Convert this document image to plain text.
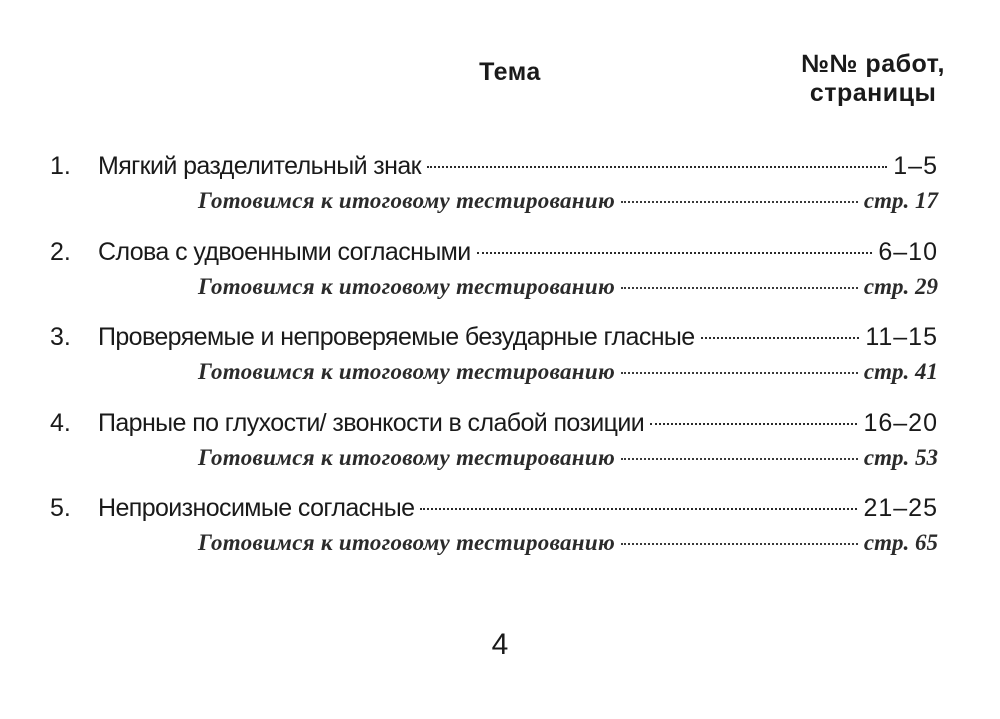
Тема	№№ работ,
страницы
1.	Мягкий разделительный знак	1–5
Готовимся к итоговому тестированию	стр. 17
2.	Слова с удвоенными согласными	6–10
Готовимся к итоговому тестированию	стр. 29
3.	Проверяемые и непроверяемые безударные гласные	11–15
Готовимся к итоговому тестированию	стр. 41
4.	Парные по глухости/ звонкости в слабой позиции	16–20
Готовимся к итоговому тестированию	стр. 53
5.	Непроизносимые согласные	21–25
Готовимся к итоговому тестированию	стр. 65
4
